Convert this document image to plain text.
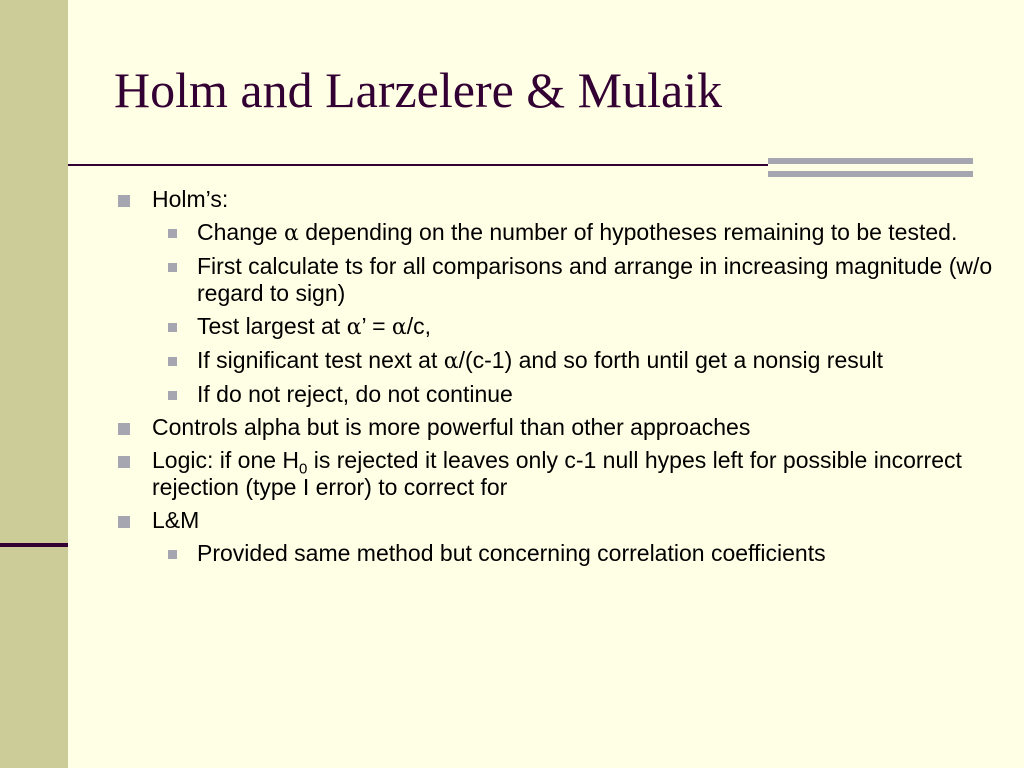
Holm and Larzelere & Mulaik
Holm’s:
Change α depending on the number of hypotheses remaining to be tested.
First calculate ts for all comparisons and arrange in increasing magnitude (w/o regard to sign)
Test largest at α’ = α/c,
If significant test next at α/(c-1) and so forth until get a nonsig result
If do not reject, do not continue
Controls alpha but is more powerful than other approaches
Logic: if one $H_0$ is rejected it leaves only c-1 null hypes left for possible incorrect rejection (type I error) to correct for
L&M
Provided same method but concerning correlation coefficients
